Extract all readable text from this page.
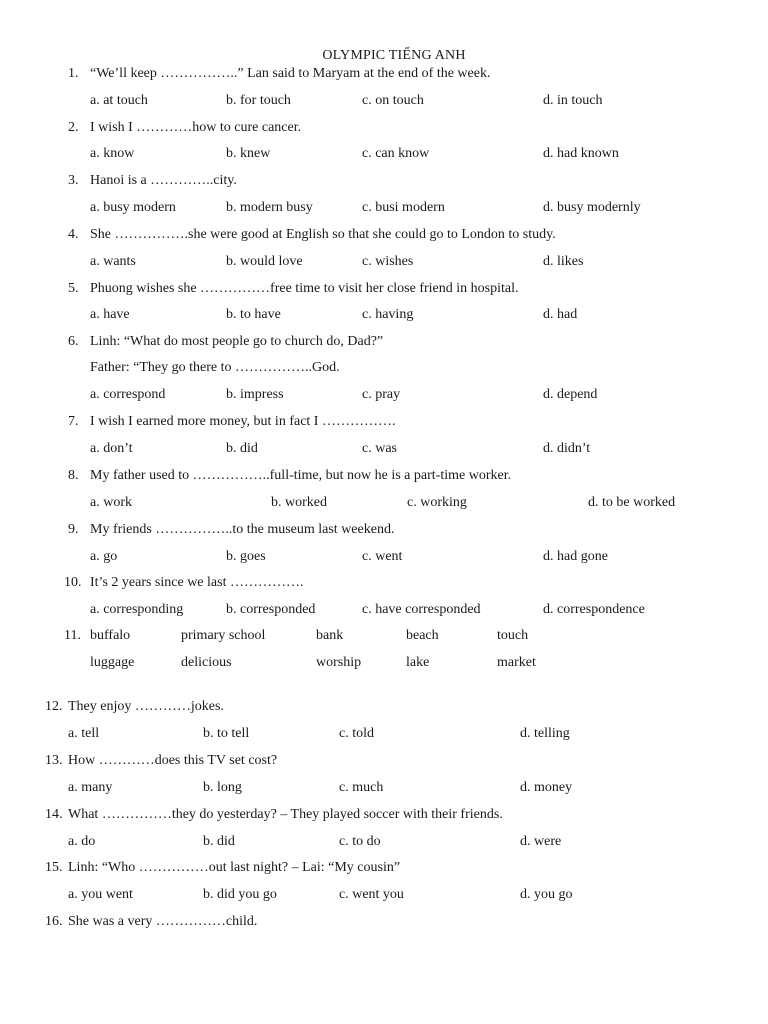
OLYMPIC TIẾNG ANH
1. “We’ll keep ……………..” Lan said to Maryam at the end of the week.
a. at touch	b. for touch	c. on touch	d. in touch
2. I wish I …………how to cure cancer.
a. know	b. knew	c. can know	d. had known
3. Hanoi is a …………..city.
a. busy modern	b. modern busy	c. busi modern	d. busy modernly
4. She …………….she were good at English so that she could go to London to study.
a. wants	b. would love	c. wishes	d. likes
5. Phuong wishes she ……………free time to visit her close friend in hospital.
a. have	b. to have	c. having	d. had
6. Linh: “What do most people go to church do, Dad?”
Father: “They go there to ……………..God.
a. correspond	b. impress	c. pray	d. depend
7. I wish I earned more money, but in fact I …………….
a. don’t	b. did	c. was	d. didn’t
8. My father used to ……………..full-time, but now he is a part-time worker.
a. work	b. worked	c. working	d. to be worked
9. My friends ……………..to the museum last weekend.
a. go	b. goes	c. went	d. had gone
10. It’s 2 years since we last …………….
a. corresponding	b. corresponded	c. have corresponded	d. correspondence
11. buffalo	primary school	bank	beach	touch
luggage	delicious	worship	lake	market
12. They enjoy …………jokes.
a. tell	b. to tell	c. told	d. telling
13. How …………does this TV set cost?
a. many	b. long	c. much	d. money
14. What ……………they do yesterday? – They played soccer with their friends.
a. do	b. did	c. to do	d. were
15. Linh: “Who ……………out last night? – Lai: “My cousin”
a. you went	b. did you go	c. went you	d. you go
16. She was a very ……………child.
